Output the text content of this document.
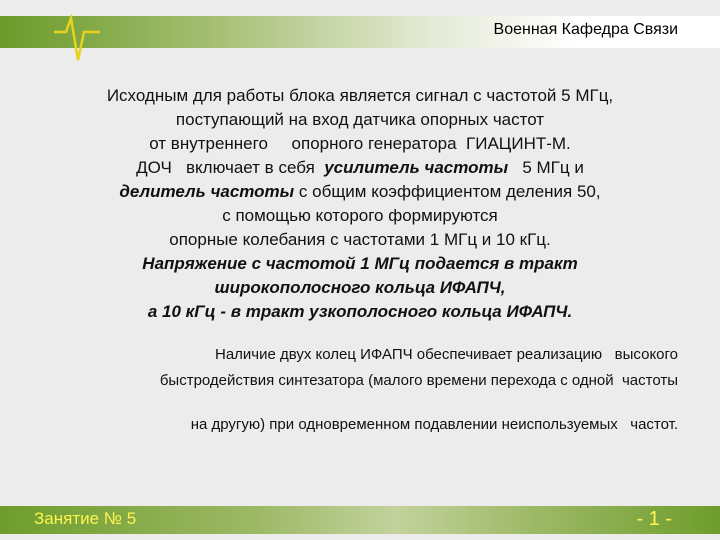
Военная Кафедра Связи
Исходным для работы блока является сигнал с частотой 5 МГц,
поступающий на вход датчика опорных частот
от внутреннего     опорного генератора  ГИАЦИНТ-М.
ДОЧ   включает в себя  усилитель частоты   5 МГц и
делитель частоты с общим коэффициентом деления 50,
с помощью которого формируются
опорные колебания с частотами 1 МГц и 10 кГц.
Напряжение с частотой 1 МГц подается в тракт
широкополосного кольца ИФАПЧ,
а 10 кГц - в тракт узкополосного кольца ИФАПЧ.
Наличие двух колец ИФАПЧ обеспечивает реализацию   высокого
быстродействия синтезатора (малого времени перехода с одной  частоты
на другую) при одновременном подавлении неиспользуемых   частот.
Занятие № 5	- 1 -
